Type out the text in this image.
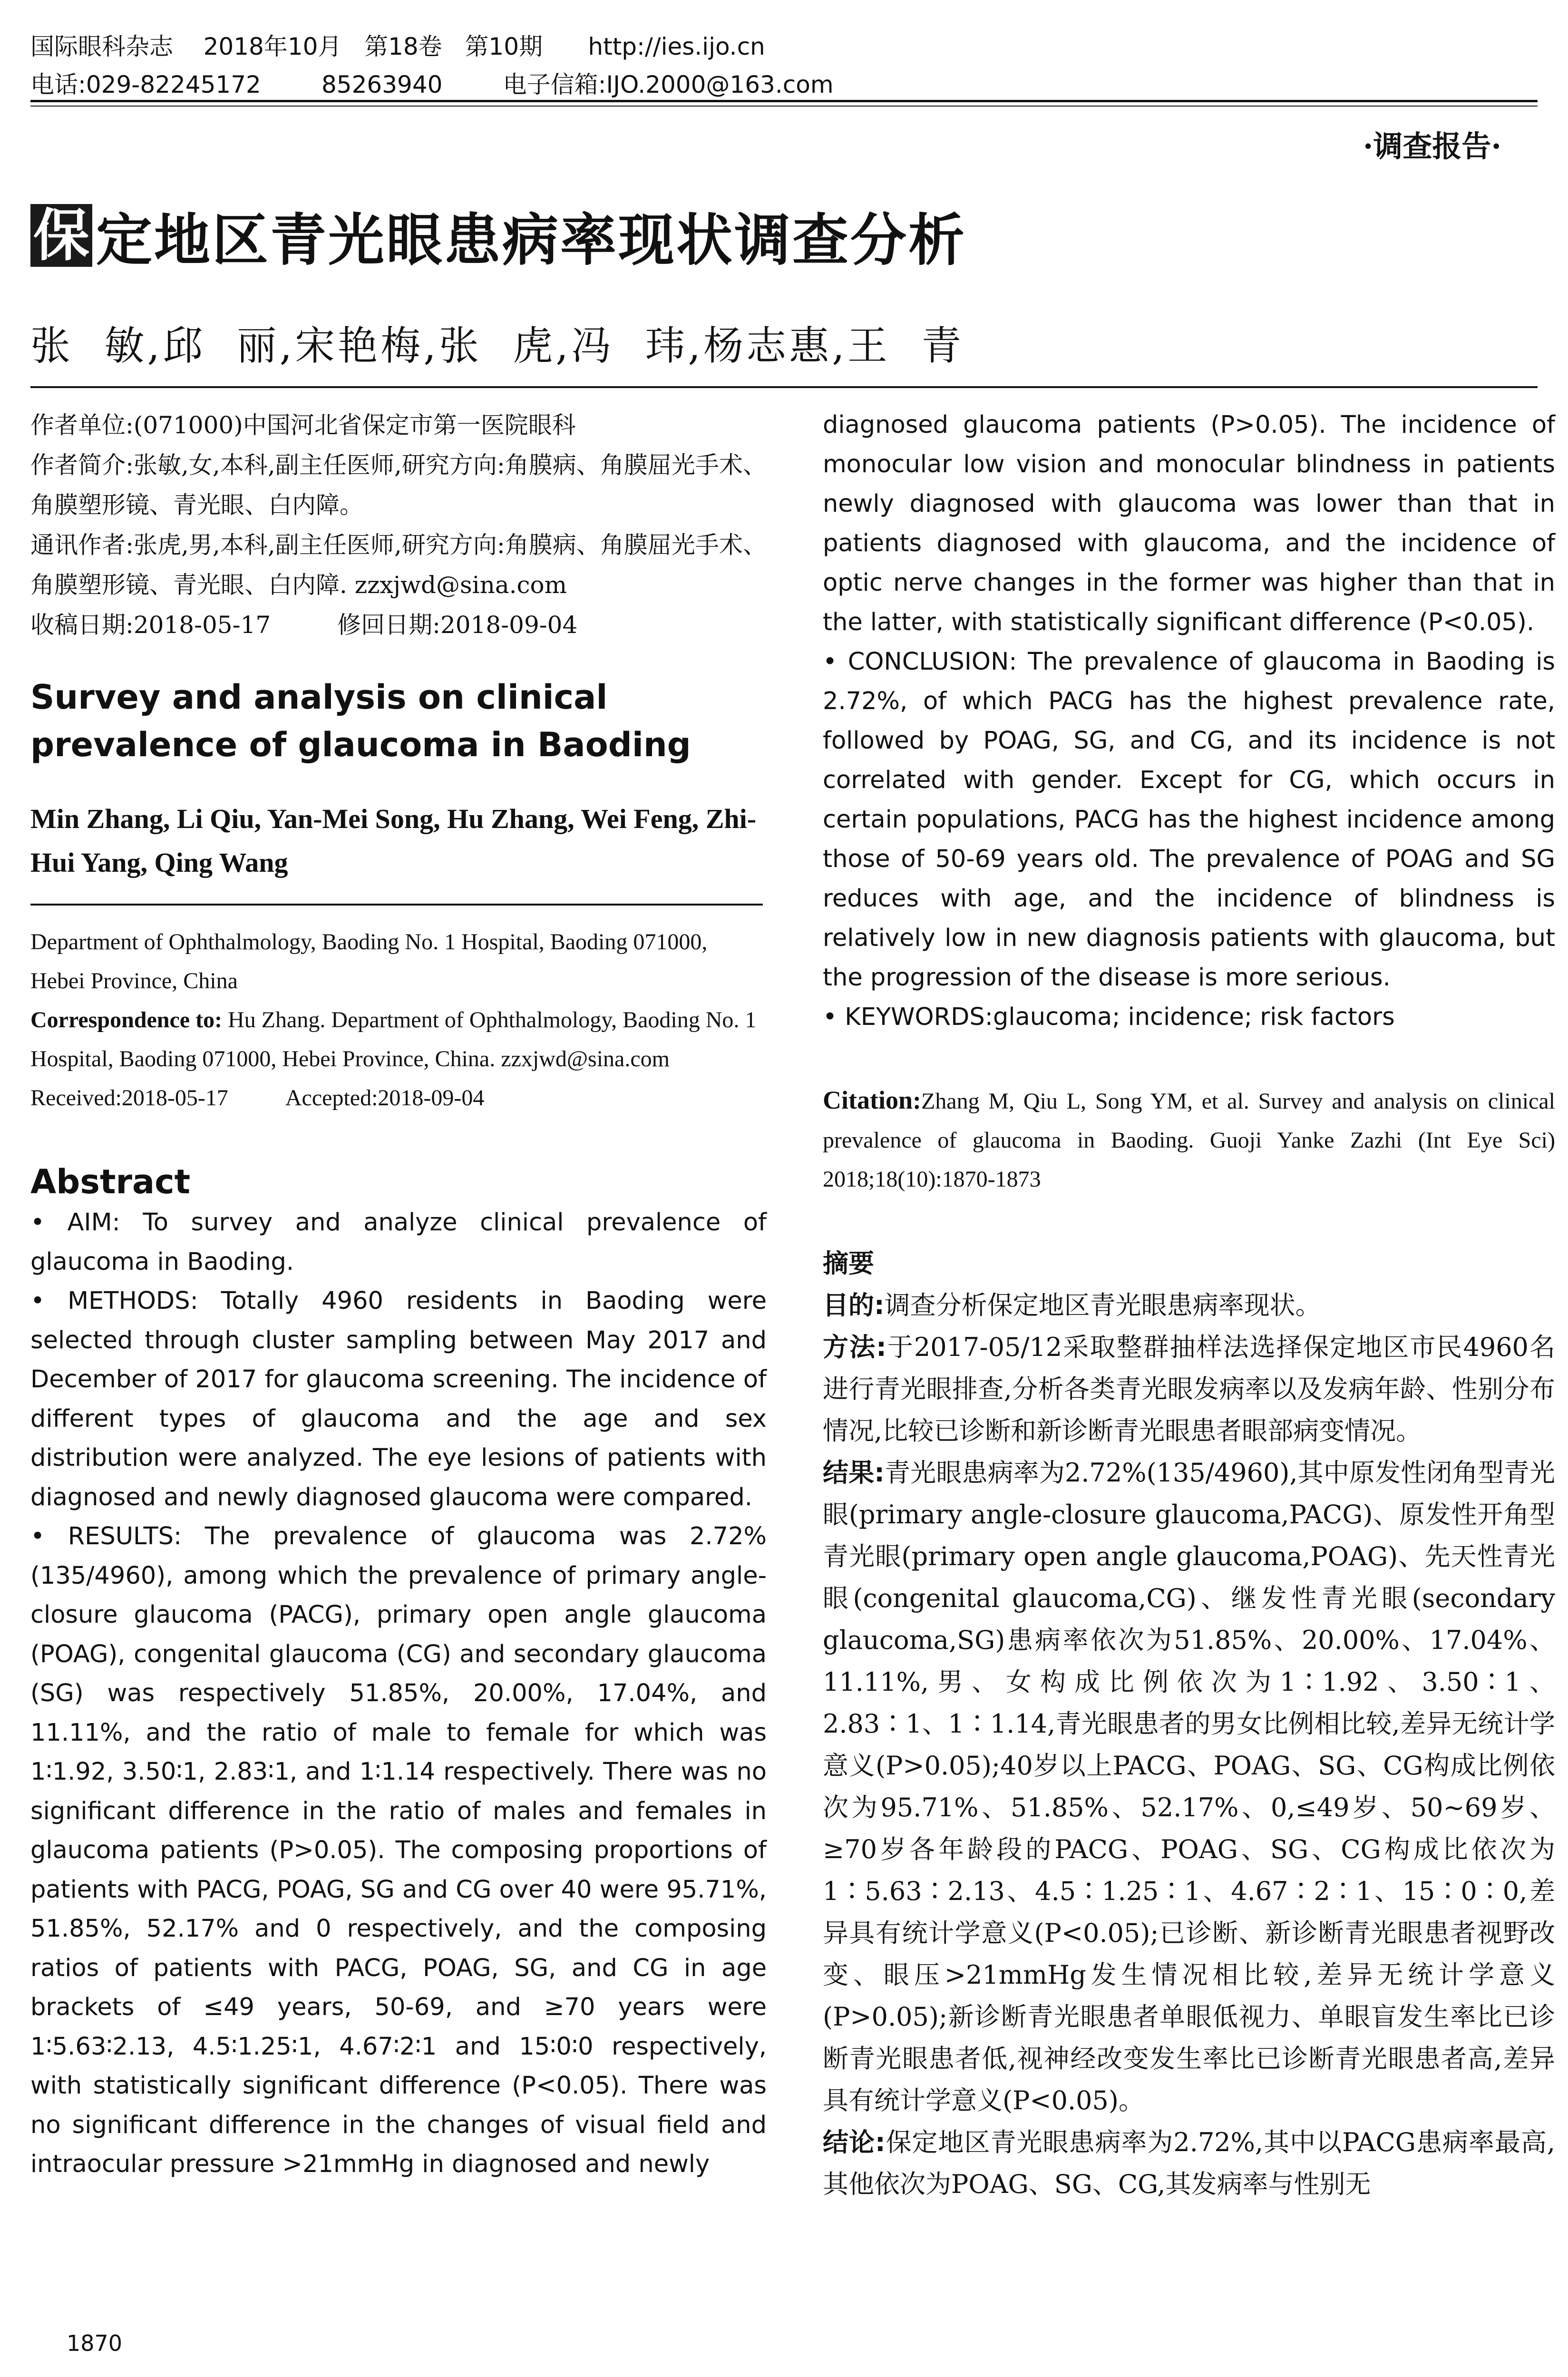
国际眼科杂志    2018年10月   第18卷   第10期      http://ies.ijo.cn
电话:029-82245172        85263940        电子信箱:IJO.2000@163.com
·调查报告·
保 定地区青光眼患病率现状调查分析
张  敏,邱  丽,宋艳梅,张  虎,冯  玮,杨志惠,王  青

作者单位:(071000)中国河北省保定市第一医院眼科

作者简介:张敏,女,本科,副主任医师,研究方向:角膜病、角膜屈光手术、角膜塑形镜、青光眼、白内障。

通讯作者:张虎,男,本科,副主任医师,研究方向:角膜病、角膜屈光手术、角膜塑形镜、青光眼、白内障. zzxjwd@sina.com

收稿日期:2018-05-17	修回日期:2018-09-04

Survey and analysis on clinical prevalence of glaucoma in Baoding
Min Zhang, Li Qiu, Yan-Mei Song, Hu Zhang, Wei Feng, Zhi-Hui Yang, Qing Wang

Department of Ophthalmology, Baoding No. 1 Hospital, Baoding 071000, Hebei Province, China

Correspondence to: Hu Zhang. Department of Ophthalmology, Baoding No. 1 Hospital, Baoding 071000, Hebei Province, China. zzxjwd@sina.com

Received:2018-05-17	Accepted:2018-09-04

Abstract

• AIM: To survey and analyze clinical prevalence of glaucoma in Baoding.

• METHODS: Totally 4960 residents in Baoding were selected through cluster sampling between May 2017 and December of 2017 for glaucoma screening. The incidence of different types of glaucoma and the age and sex distribution were analyzed. The eye lesions of patients with diagnosed and newly diagnosed glaucoma were compared.

• RESULTS: The prevalence of glaucoma was 2.72% (135/4960), among which the prevalence of primary angle-closure glaucoma (PACG), primary open angle glaucoma (POAG), congenital glaucoma (CG) and secondary glaucoma (SG) was respectively 51.85%, 20.00%, 17.04%, and 11.11%, and the ratio of male to female for which was 1∶1.92, 3.50∶1, 2.83∶1, and 1∶1.14 respectively. There was no significant difference in the ratio of males and females in glaucoma patients (P>0.05). The composing proportions of patients with PACG, POAG, SG and CG over 40 were 95.71%, 51.85%, 52.17% and 0 respectively, and the composing ratios of patients with PACG, POAG, SG, and CG in age brackets of ≤49 years, 50-69, and ≥70 years were 1∶5.63∶2.13, 4.5∶1.25∶1, 4.67∶2∶1 and 15∶0∶0 respectively, with statistically significant difference (P<0.05). There was no significant difference in the changes of visual field and intraocular pressure >21mmHg in diagnosed and newly

diagnosed glaucoma patients (P>0.05). The incidence of monocular low vision and monocular blindness in patients newly diagnosed with glaucoma was lower than that in patients diagnosed with glaucoma, and the incidence of optic nerve changes in the former was higher than that in the latter, with statistically significant difference (P<0.05).

• CONCLUSION: The prevalence of glaucoma in Baoding is 2.72%, of which PACG has the highest prevalence rate, followed by POAG, SG, and CG, and its incidence is not correlated with gender. Except for CG, which occurs in certain populations, PACG has the highest incidence among those of 50-69 years old. The prevalence of POAG and SG reduces with age, and the incidence of blindness is relatively low in new diagnosis patients with glaucoma, but the progression of the disease is more serious.

• KEYWORDS:glaucoma; incidence; risk factors

Citation:Zhang M, Qiu L, Song YM, et al. Survey and analysis on clinical prevalence of glaucoma in Baoding. Guoji Yanke Zazhi (Int Eye Sci) 2018;18(10):1870-1873

摘要

目的:调查分析保定地区青光眼患病率现状。

方法:于2017-05/12采取整群抽样法选择保定地区市民4960名进行青光眼排查,分析各类青光眼发病率以及发病年龄、性别分布情况,比较已诊断和新诊断青光眼患者眼部病变情况。

结果:青光眼患病率为2.72%(135/4960),其中原发性闭角型青光眼(primary angle-closure glaucoma,PACG)、原发性开角型青光眼(primary open angle glaucoma,POAG)、先天性青光眼(congenital glaucoma,CG)、继发性青光眼(secondary glaucoma,SG)患病率依次为51.85%、20.00%、17.04%、11.11%,男、女构成比例依次为1∶1.92、3.50∶1、2.83∶1、1∶1.14,青光眼患者的男女比例相比较,差异无统计学意义(P>0.05);40岁以上PACG、POAG、SG、CG构成比例依次为95.71%、51.85%、52.17%、0,≤49岁、50~69岁、≥70岁各年龄段的PACG、POAG、SG、CG构成比依次为1∶5.63∶2.13、4.5∶1.25∶1、4.67∶2∶1、15∶0∶0,差异具有统计学意义(P<0.05);已诊断、新诊断青光眼患者视野改变、眼压>21mmHg发生情况相比较,差异无统计学意义(P>0.05);新诊断青光眼患者单眼低视力、单眼盲发生率比已诊断青光眼患者低,视神经改变发生率比已诊断青光眼患者高,差异具有统计学意义(P<0.05)。

结论:保定地区青光眼患病率为2.72%,其中以PACG患病率最高,其他依次为POAG、SG、CG,其发病率与性别无

1870
